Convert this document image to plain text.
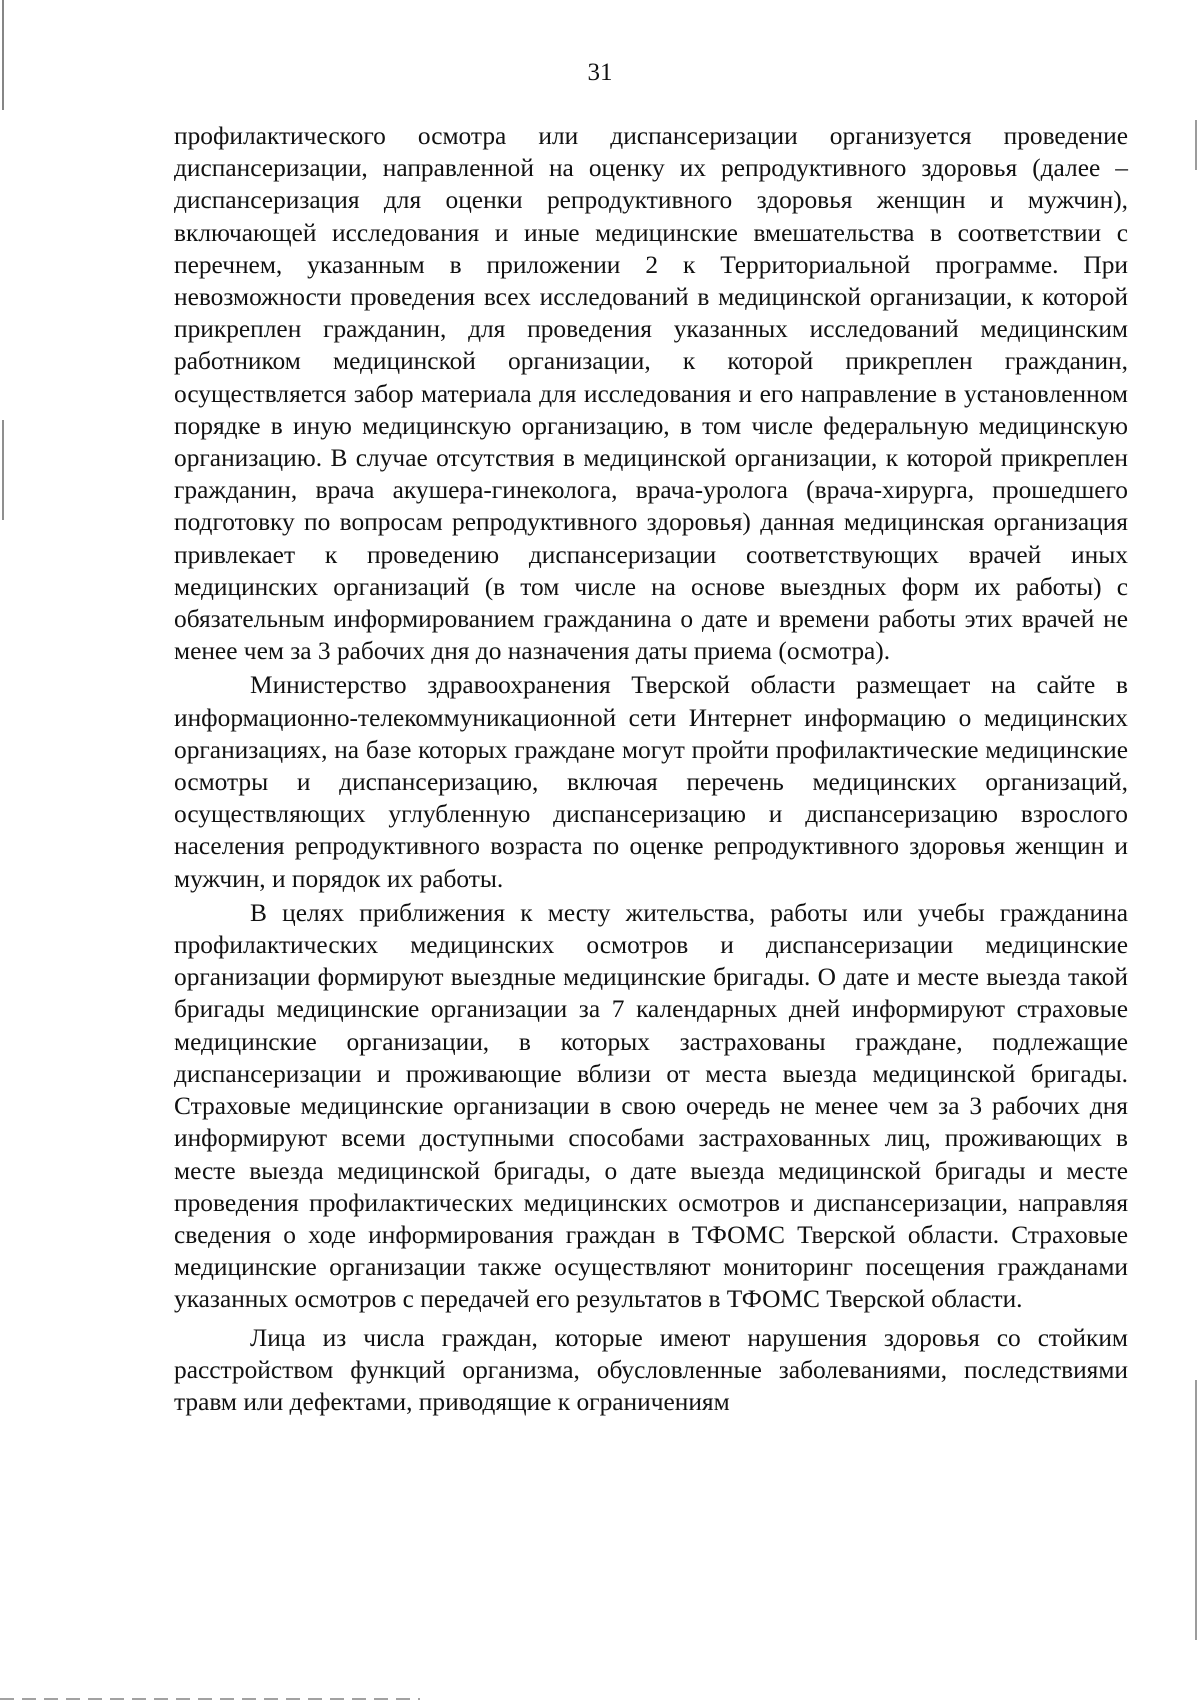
31

профилактического осмотра или диспансеризации организуется проведение диспансеризации, направленной на оценку их репродуктивного здоровья (далее – диспансеризация для оценки репродуктивного здоровья женщин и мужчин), включающей исследования и иные медицинские вмешательства в соответствии с перечнем, указанным в приложении 2 к Территориальной программе. При невозможности проведения всех исследований в медицинской организации, к которой прикреплен гражданин, для проведения указанных исследований медицинским работником медицинской организации, к которой прикреплен гражданин, осуществляется забор материала для исследования и его направление в установленном порядке в иную медицинскую организацию, в том числе федеральную медицинскую организацию. В случае отсутствия в медицинской организации, к которой прикреплен гражданин, врача акушера-гинеколога, врача-уролога (врача-хирурга, прошедшего подготовку по вопросам репродуктивного здоровья) данная медицинская организация привлекает к проведению диспансеризации соответствующих врачей иных медицинских организаций (в том числе на основе выездных форм их работы) с обязательным информированием гражданина о дате и времени работы этих врачей не менее чем за 3 рабочих дня до назначения даты приема (осмотра).

Министерство здравоохранения Тверской области размещает на сайте в информационно-телекоммуникационной сети Интернет информацию о медицинских организациях, на базе которых граждане могут пройти профилактические медицинские осмотры и диспансеризацию, включая перечень медицинских организаций, осуществляющих углубленную диспансеризацию и диспансеризацию взрослого населения репродуктивного возраста по оценке репродуктивного здоровья женщин и мужчин, и порядок их работы.

В целях приближения к месту жительства, работы или учебы гражданина профилактических медицинских осмотров и диспансеризации медицинские организации формируют выездные медицинские бригады. О дате и месте выезда такой бригады медицинские организации за 7 календарных дней информируют страховые медицинские организации, в которых застрахованы граждане, подлежащие диспансеризации и проживающие вблизи от места выезда медицинской бригады. Страховые медицинские организации в свою очередь не менее чем за 3 рабочих дня информируют всеми доступными способами застрахованных лиц, проживающих в месте выезда медицинской бригады, о дате выезда медицинской бригады и месте проведения профилактических медицинских осмотров и диспансеризации, направляя сведения о ходе информирования граждан в ТФОМС Тверской области. Страховые медицинские организации также осуществляют мониторинг посещения гражданами указанных осмотров с передачей его результатов в ТФОМС Тверской области.

Лица из числа граждан, которые имеют нарушения здоровья со стойким расстройством функций организма, обусловленные заболеваниями, последствиями травм или дефектами, приводящие к ограничениям
